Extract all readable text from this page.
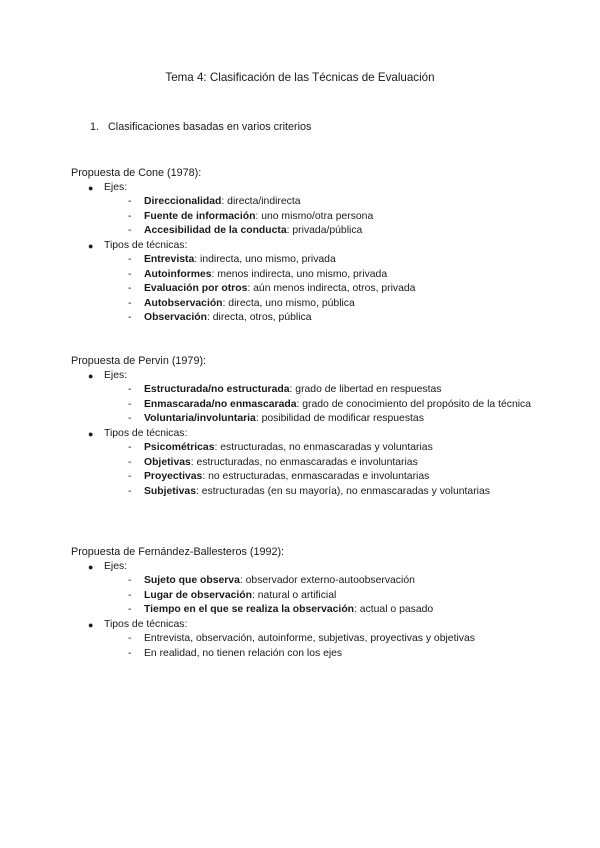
Tema 4: Clasificación de las Técnicas de Evaluación
1. Clasificaciones basadas en varios criterios
Propuesta de Cone (1978):
● Ejes:
- Direccionalidad: directa/indirecta
- Fuente de información: uno mismo/otra persona
- Accesibilidad de la conducta: privada/pública
● Tipos de técnicas:
- Entrevista: indirecta, uno mismo, privada
- Autoinformes: menos indirecta, uno mismo, privada
- Evaluación por otros: aún menos indirecta, otros, privada
- Autobservación: directa, uno mismo, pública
- Observación: directa, otros, pública
Propuesta de Pervin (1979):
● Ejes:
- Estructurada/no estructurada: grado de libertad en respuestas
- Enmascarada/no enmascarada: grado de conocimiento del propósito de la técnica
- Voluntaria/involuntaria: posibilidad de modificar respuestas
● Tipos de técnicas:
- Psicométricas: estructuradas, no enmascaradas y voluntarias
- Objetivas: estructuradas, no enmascaradas e involuntarias
- Proyectivas: no estructuradas, enmascaradas e involuntarias
- Subjetivas: estructuradas (en su mayoría), no enmascaradas y voluntarias
Propuesta de Fernández-Ballesteros (1992):
● Ejes:
- Sujeto que observa: observador externo-autoobservación
- Lugar de observación: natural o artificial
- Tiempo en el que se realiza la observación: actual o pasado
● Tipos de técnicas:
- Entrevista, observación, autoinforme, subjetivas, proyectivas y objetivas
- En realidad, no tienen relación con los ejes
